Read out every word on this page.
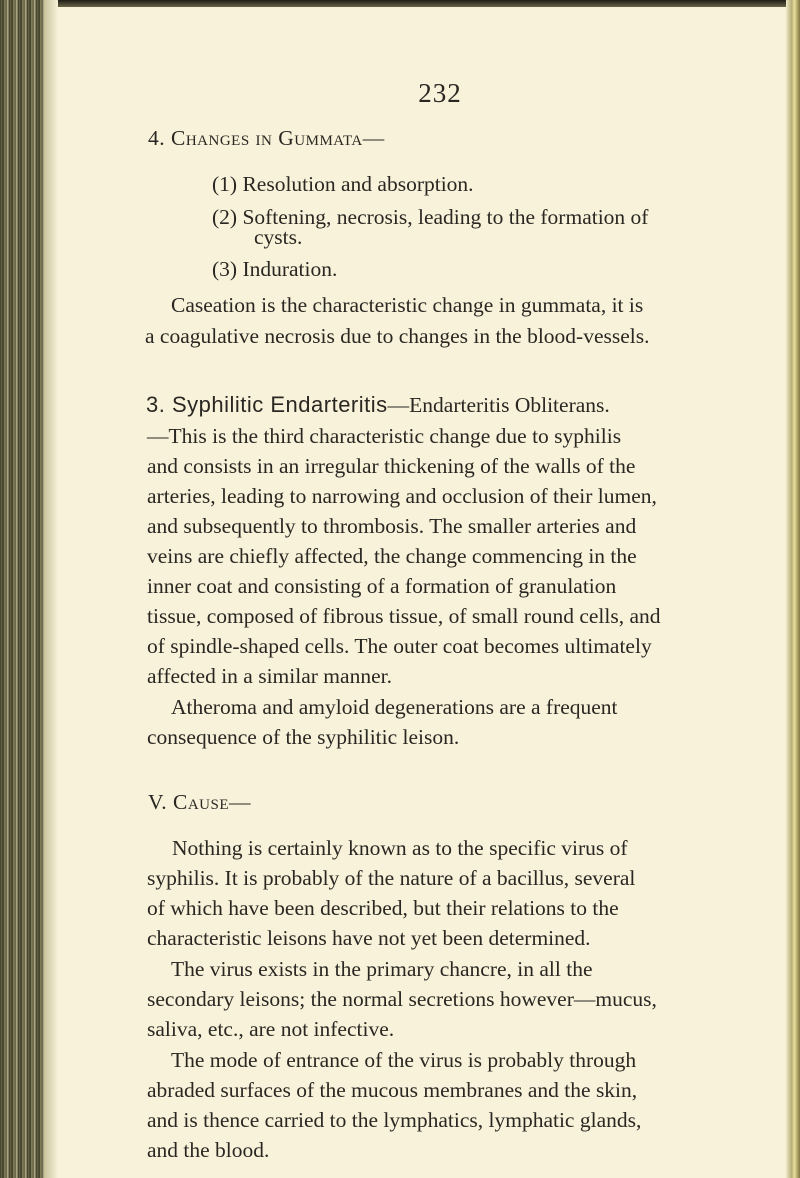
232
4. Changes in Gummata—
(1) Resolution and absorption.
(2) Softening, necrosis, leading to the formation of
cysts.
(3) Induration.
Caseation is the characteristic change in gummata, it is
a coagulative necrosis due to changes in the blood-vessels.
3. Syphilitic Endarteritis—Endarteritis Obliterans.
—This is the third characteristic change due to syphilis
and consists in an irregular thickening of the walls of the
arteries, leading to narrowing and occlusion of their lumen,
and subsequently to thrombosis. The smaller arteries and
veins are chiefly affected, the change commencing in the
inner coat and consisting of a formation of granulation
tissue, composed of fibrous tissue, of small round cells, and
of spindle-shaped cells. The outer coat becomes ultimately
affected in a similar manner.
Atheroma and amyloid degenerations are a frequent
consequence of the syphilitic leison.
V. Cause—
Nothing is certainly known as to the specific virus of
syphilis. It is probably of the nature of a bacillus, several
of which have been described, but their relations to the
characteristic leisons have not yet been determined.
The virus exists in the primary chancre, in all the
secondary leisons; the normal secretions however—mucus,
saliva, etc., are not infective.
The mode of entrance of the virus is probably through
abraded surfaces of the mucous membranes and the skin,
and is thence carried to the lymphatics, lymphatic glands,
and the blood.
